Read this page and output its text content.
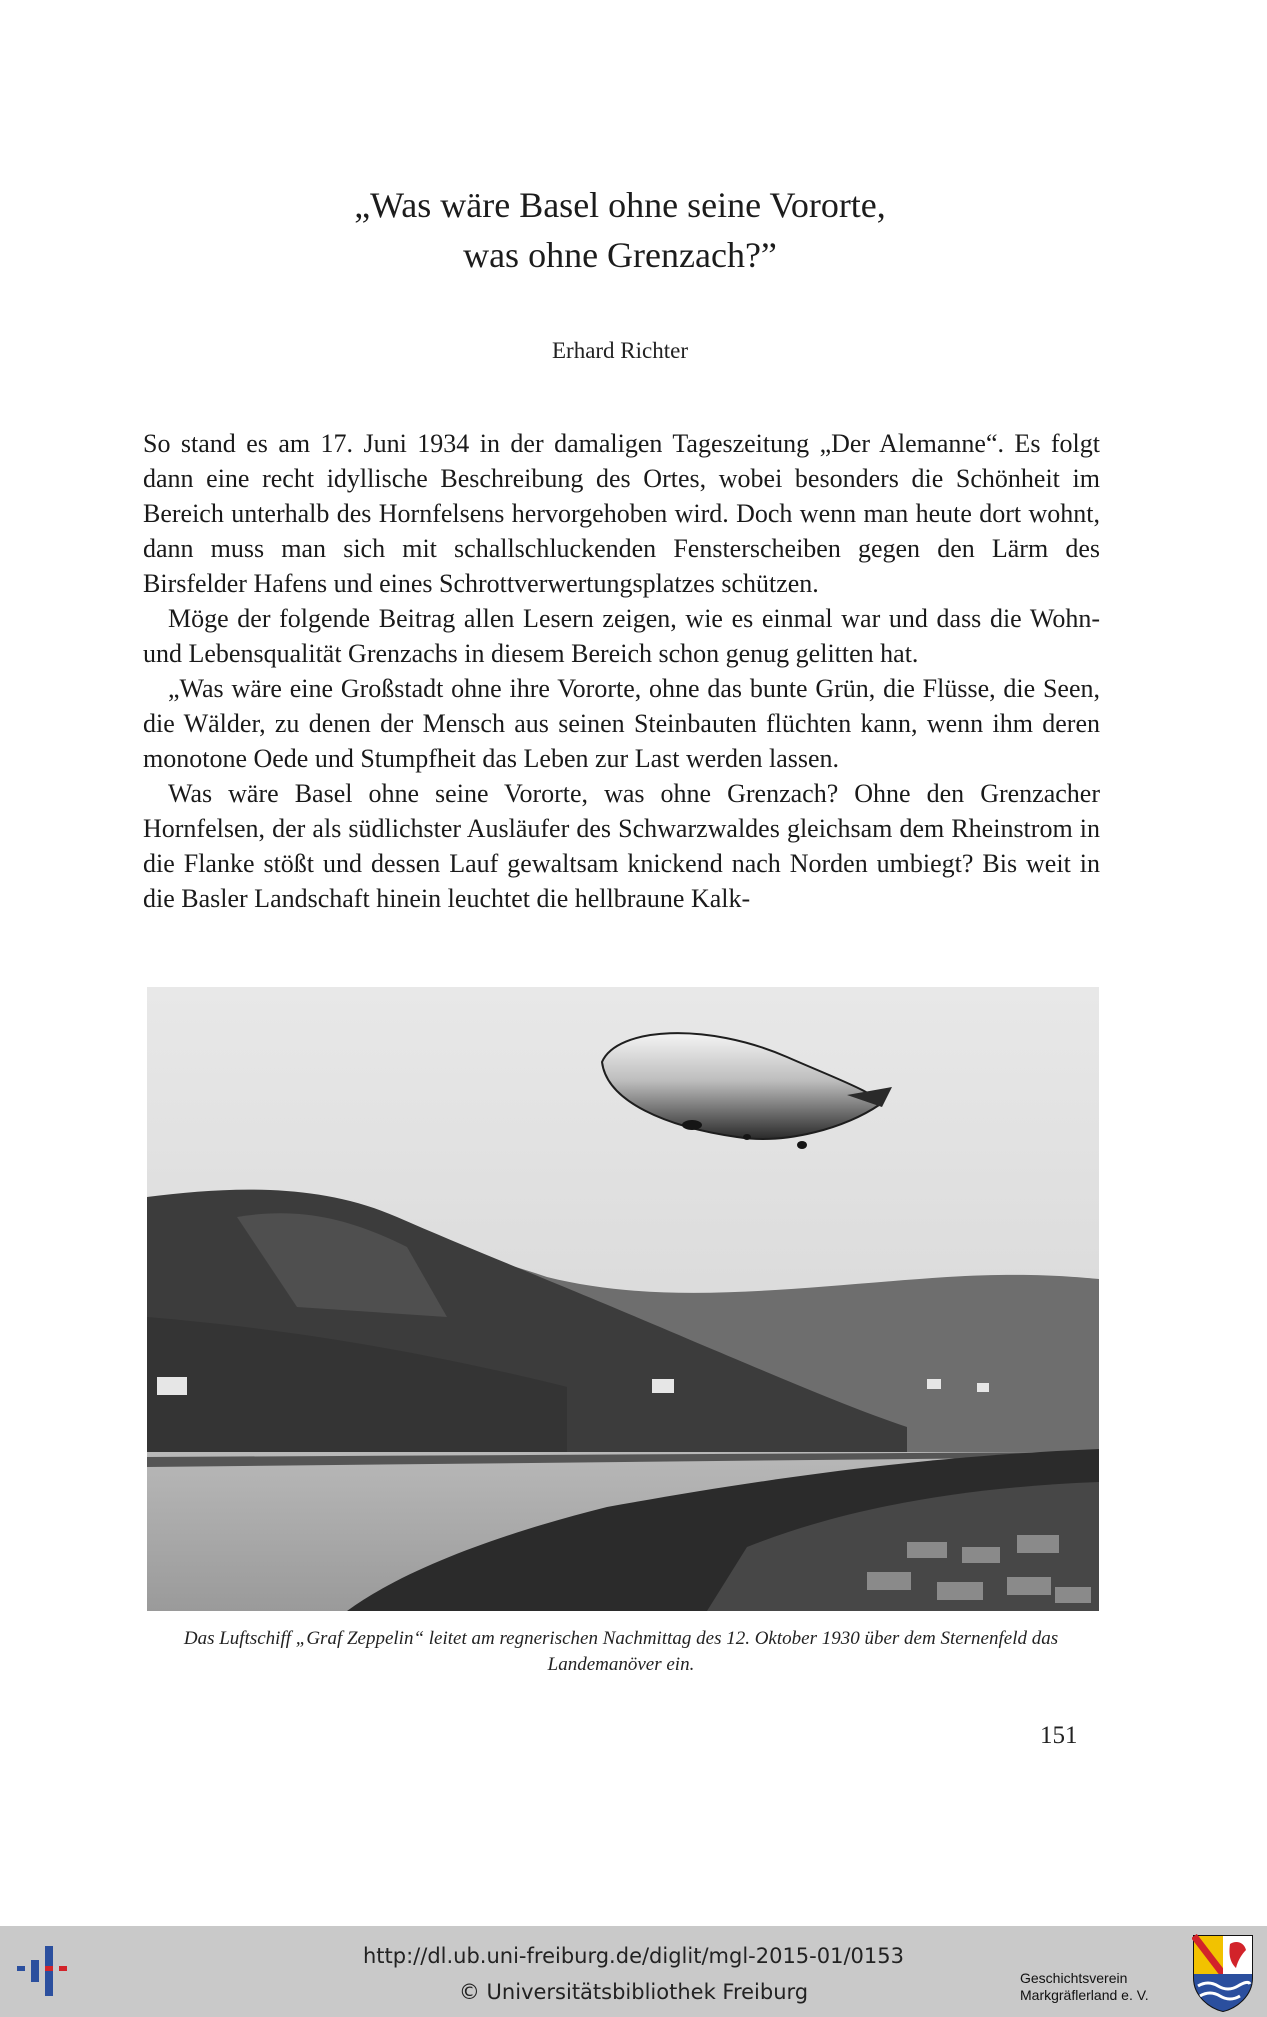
„Was wäre Basel ohne seine Vororte,
was ohne Grenzach?”
Erhard Richter

So stand es am 17. Juni 1934 in der damaligen Tageszeitung „Der Alemanne“. Es folgt dann eine recht idyllische Beschreibung des Ortes, wobei besonders die Schönheit im Bereich unterhalb des Hornfelsens hervorgehoben wird. Doch wenn man heute dort wohnt, dann muss man sich mit schallschluckenden Fensterscheiben gegen den Lärm des Birsfelder Hafens und eines Schrottverwertungsplatzes schützen.

Möge der folgende Beitrag allen Lesern zeigen, wie es einmal war und dass die Wohn- und Lebensqualität Grenzachs in diesem Bereich schon genug gelitten hat.

„Was wäre eine Großstadt ohne ihre Vororte, ohne das bunte Grün, die Flüsse, die Seen, die Wälder, zu denen der Mensch aus seinen Steinbauten flüchten kann, wenn ihm deren monotone Oede und Stumpfheit das Leben zur Last werden lassen.

Was wäre Basel ohne seine Vororte, was ohne Grenzach? Ohne den Grenzacher Hornfelsen, der als südlichster Ausläufer des Schwarzwaldes gleichsam dem Rheinstrom in die Flanke stößt und dessen Lauf gewaltsam knickend nach Norden umbiegt? Bis weit in die Basler Landschaft hinein leuchtet die hellbraune Kalk-

Das Luftschiff „Graf Zeppelin“ leitet am regnerischen Nachmittag des 12. Oktober 1930 über dem Sternenfeld das Landemanöver ein.
151
http://dl.ub.uni-freiburg.de/diglit/mgl-2015-01/0153
© Universitätsbibliothek Freiburg
Geschichtsverein
Markgräflerland e. V.
